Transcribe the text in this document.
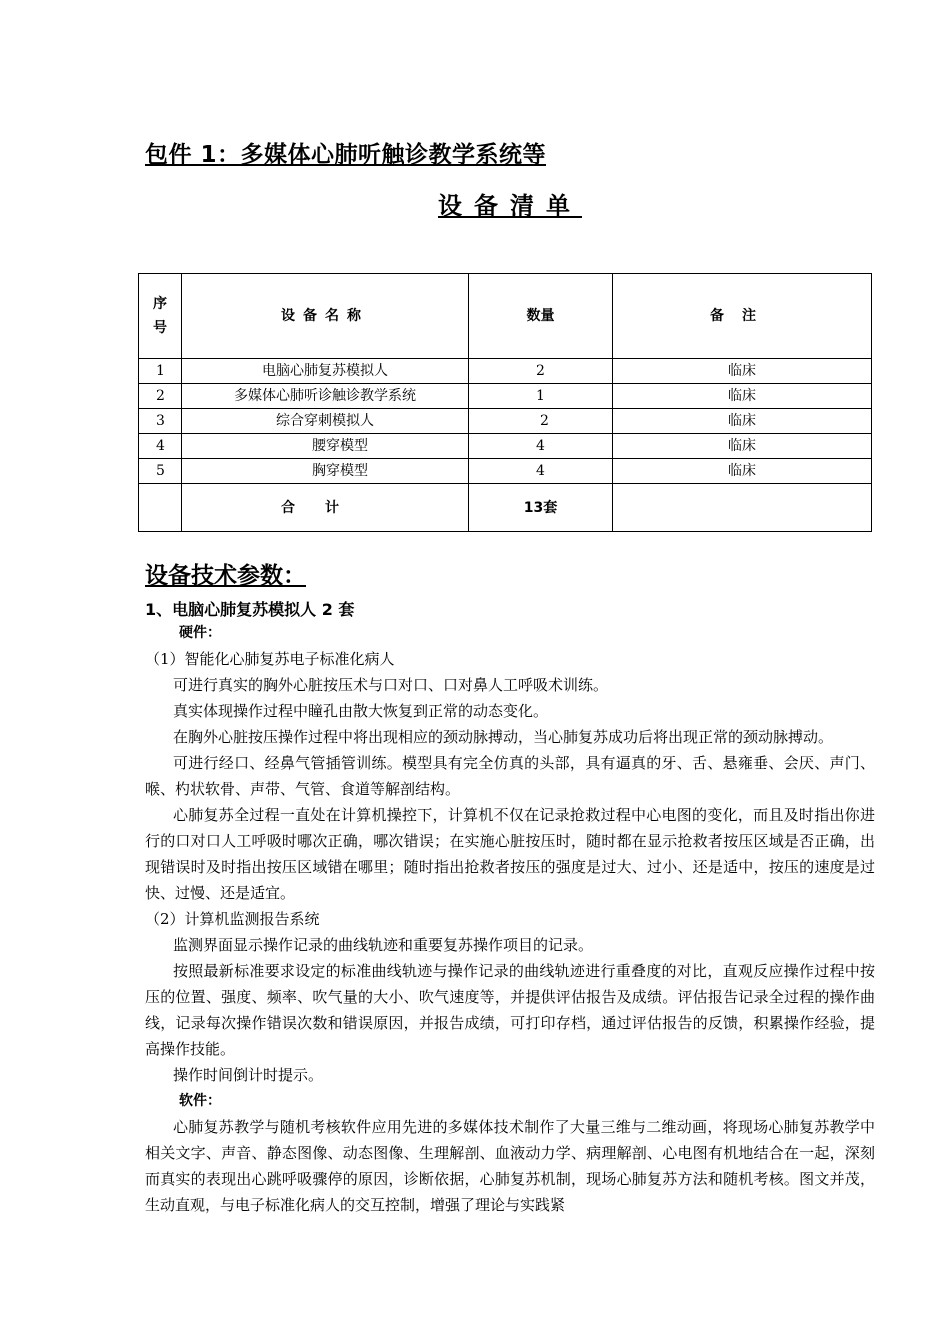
包件 1：多媒体心肺听触诊教学系统等
设备清单
序号	设备名称	数量	备注
1	电脑心肺复苏模拟人	2	临床
2	多媒体心肺听诊触诊教学系统	1	临床
3	综合穿刺模拟人	2	临床
4	腰穿模型	4	临床
5	胸穿模型	4	临床
	合计	13套	
设备技术参数：
1、电脑心肺复苏模拟人 2 套

硬件：

（1）智能化心肺复苏电子标准化病人

可进行真实的胸外心脏按压术与口对口、口对鼻人工呼吸术训练。

真实体现操作过程中瞳孔由散大恢复到正常的动态变化。

在胸外心脏按压操作过程中将出现相应的颈动脉搏动，当心肺复苏成功后将出现正常的颈动脉搏动。

可进行经口、经鼻气管插管训练。模型具有完全仿真的头部，具有逼真的牙、舌、悬雍垂、会厌、声门、喉、杓状软骨、声带、气管、食道等解剖结构。

心肺复苏全过程一直处在计算机操控下，计算机不仅在记录抢救过程中心电图的变化，而且及时指出你进行的口对口人工呼吸时哪次正确，哪次错误；在实施心脏按压时，随时都在显示抢救者按压区域是否正确，出现错误时及时指出按压区域错在哪里；随时指出抢救者按压的强度是过大、过小、还是适中，按压的速度是过快、过慢、还是适宜。

（2）计算机监测报告系统

监测界面显示操作记录的曲线轨迹和重要复苏操作项目的记录。

按照最新标准要求设定的标准曲线轨迹与操作记录的曲线轨迹进行重叠度的对比，直观反应操作过程中按压的位置、强度、频率、吹气量的大小、吹气速度等，并提供评估报告及成绩。评估报告记录全过程的操作曲线，记录每次操作错误次数和错误原因，并报告成绩，可打印存档，通过评估报告的反馈，积累操作经验，提高操作技能。

操作时间倒计时提示。

软件：

心肺复苏教学与随机考核软件应用先进的多媒体技术制作了大量三维与二维动画，将现场心肺复苏教学中相关文字、声音、静态图像、动态图像、生理解剖、血液动力学、病理解剖、心电图有机地结合在一起，深刻而真实的表现出心跳呼吸骤停的原因，诊断依据，心肺复苏机制，现场心肺复苏方法和随机考核。图文并茂，生动直观，与电子标准化病人的交互控制，增强了理论与实践紧
